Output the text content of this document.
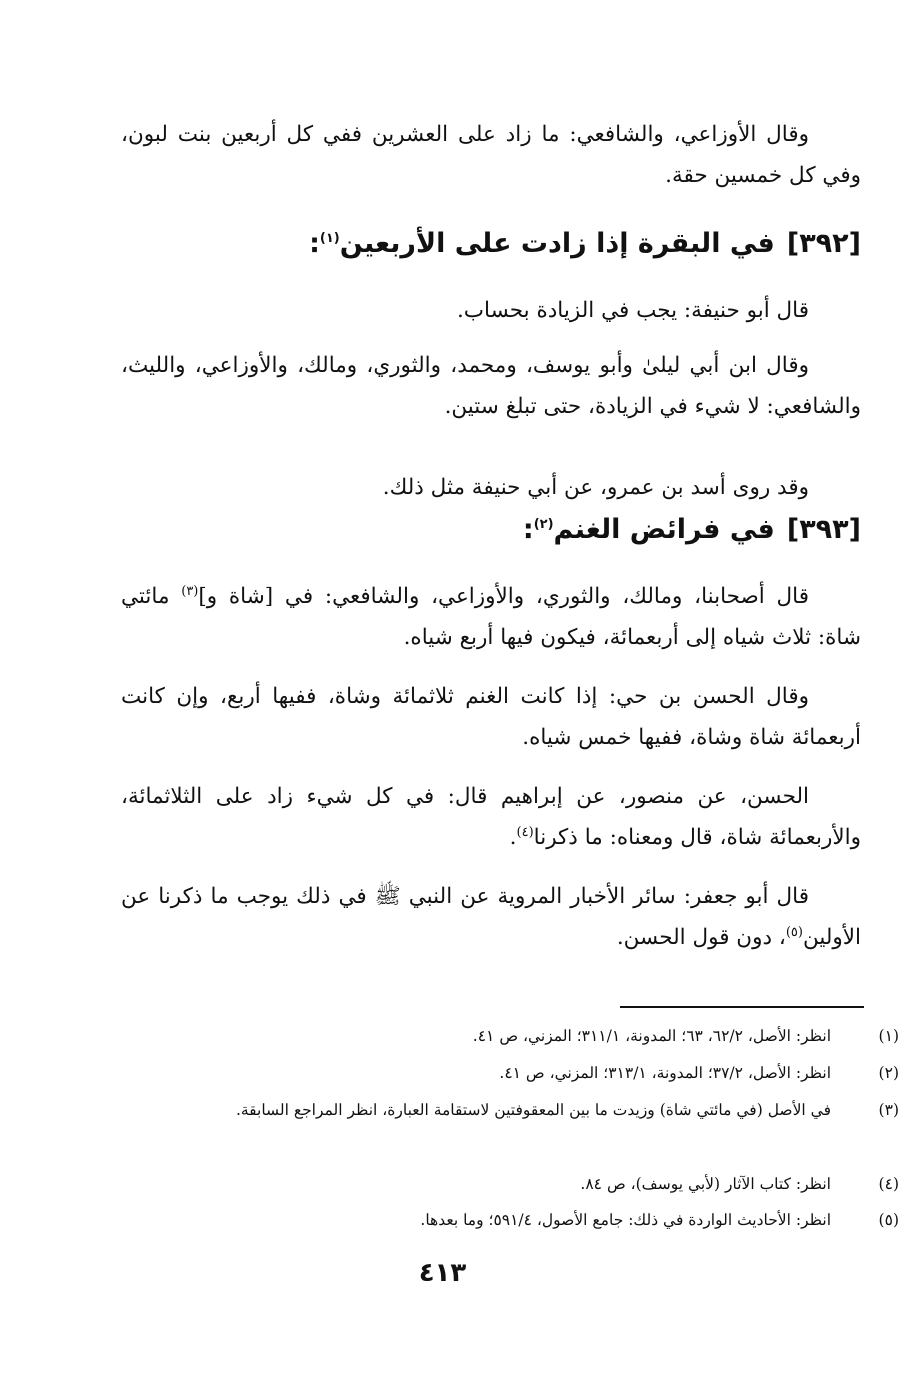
وقال الأوزاعي، والشافعي: ما زاد على العشرين ففي كل أربعين بنت لبون، وفي كل خمسين حقة.

[٣٩٢]في البقرة إذا زادت على الأربعين$^{(١)}$:

قال أبو حنيفة: يجب في الزيادة بحساب.

وقال ابن أبي ليلىٰ وأبو يوسف، ومحمد، والثوري، ومالك، والأوزاعي، والليث، والشافعي: لا شيء في الزيادة، حتى تبلغ ستين.

وقد روى أسد بن عمرو، عن أبي حنيفة مثل ذلك.

[٣٩٣]في فرائض الغنم$^{(٢)}$:

قال أصحابنا، ومالك، والثوري، والأوزاعي، والشافعي: في [شاة و]$^{(٣)}$ مائتي شاة: ثلاث شياه إلى أربعمائة، فيكون فيها أربع شياه.

وقال الحسن بن حي: إذا كانت الغنم ثلاثمائة وشاة، ففيها أربع، وإن كانت أربعمائة شاة وشاة، ففيها خمس شياه.

الحسن، عن منصور، عن إبراهيم قال: في كل شيء زاد على الثلاثمائة، والأربعمائة شاة، قال ومعناه: ما ذكرنا$^{(٤)}$.

قال أبو جعفر: سائر الأخبار المروية عن النبي ﷺ في ذلك يوجب ما ذكرنا عن الأولين$^{(٥)}$، دون قول الحسن.

(١)انظر: الأصل، ٦٢/٢، ٦٣؛ المدونة، ٣١١/١؛ المزني، ص ٤١.

(٢)انظر: الأصل، ٣٧/٢؛ المدونة، ٣١٣/١؛ المزني، ص ٤١.

(٣)في الأصل (في مائتي شاة) وزيدت ما بين المعقوفتين لاستقامة العبارة، انظر المراجع السابقة.

(٤)انظر: كتاب الآثار (لأبي يوسف)، ص ٨٤.

(٥)انظر: الأحاديث الواردة في ذلك: جامع الأصول، ٥٩١/٤؛ وما بعدها.

٤١٣
